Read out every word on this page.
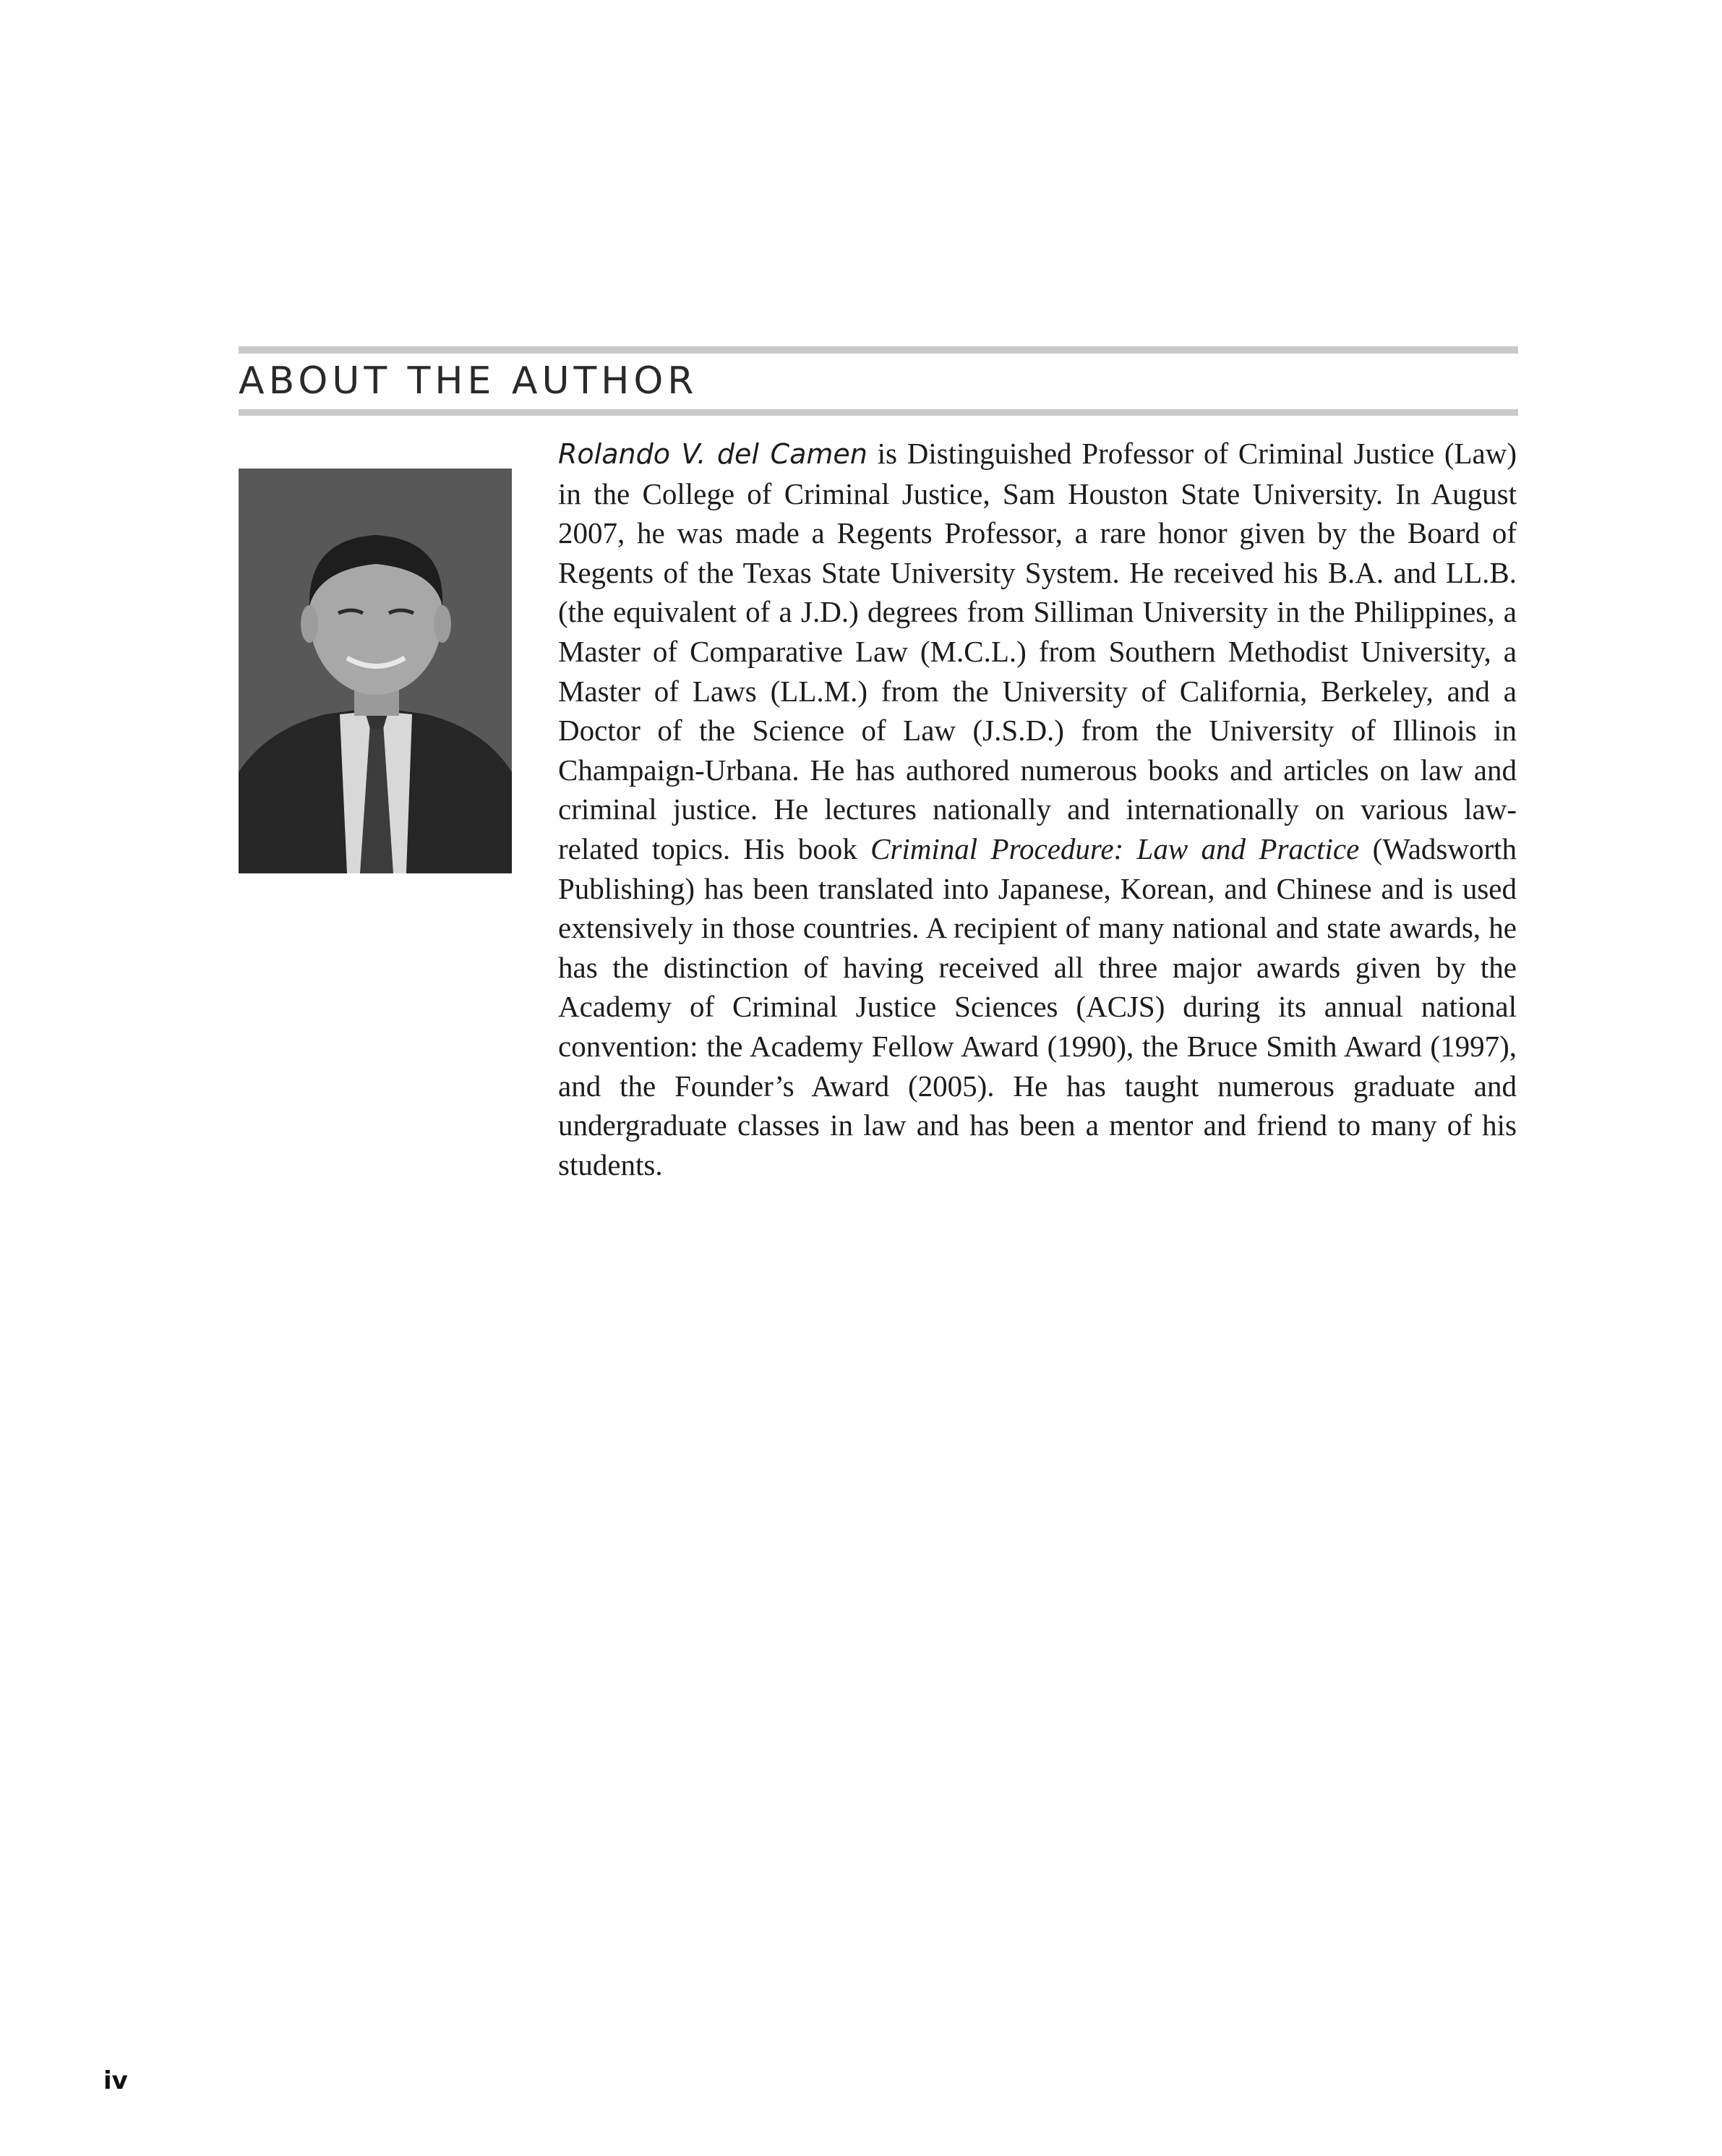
ABOUT THE AUTHOR

Rolando V. del Camen is Distinguished Professor of Criminal Justice (Law) in the College of Criminal Justice, Sam Houston State University. In August 2007, he was made a Regents Professor, a rare honor given by the Board of Regents of the Texas State University System. He received his B.A. and LL.B. (the equivalent of a J.D.) degrees from Silliman University in the Philippines, a Master of Comparative Law (M.C.L.) from Southern Methodist University, a Master of Laws (LL.M.) from the University of California, Berkeley, and a Doctor of the Science of Law (J.S.D.) from the University of Illinois in Champaign-Urbana. He has authored numerous books and articles on law and criminal justice. He lectures nationally and internationally on various law-related topics. His book Criminal Procedure: Law and Practice (Wadsworth Publishing) has been translated into Japanese, Korean, and Chinese and is used extensively in those countries. A recipient of many national and state awards, he has the distinction of having received all three major awards given by the Academy of Criminal Justice Sciences (ACJS) during its annual national convention: the Academy Fellow Award (1990), the Bruce Smith Award (1997), and the Founder’s Award (2005). He has taught numerous graduate and undergraduate classes in law and has been a mentor and friend to many of his students.

iv
